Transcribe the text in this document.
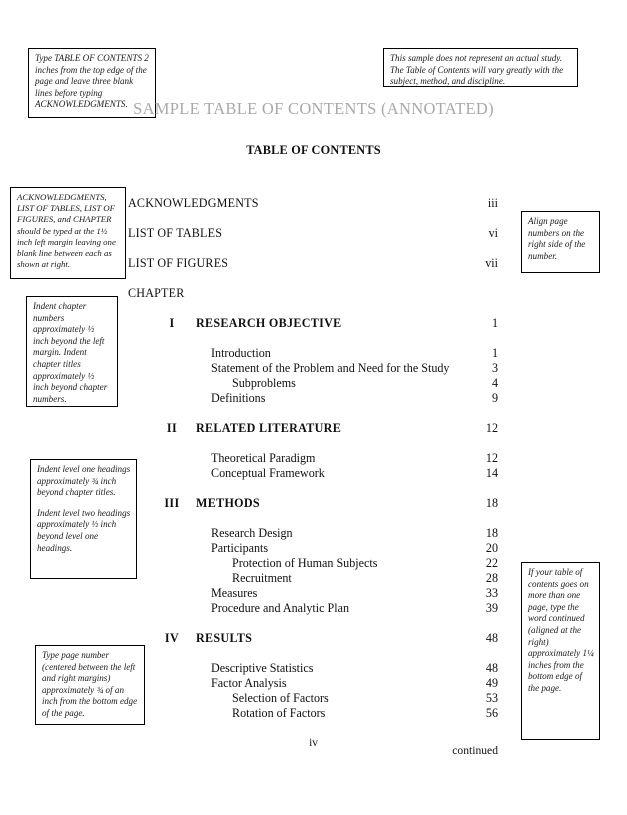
Type TABLE OF CONTENTS 2 inches from the top edge of the page and leave three blank lines before typing ACKNOWLEDGMENTS.
This sample does not represent an actual study. The Table of Contents will vary greatly with the subject, method, and discipline.
ACKNOWLEDGMENTS, LIST OF TABLES, LIST OF FIGURES, and CHAPTER should be typed at the 1½ inch left margin leaving one blank line between each as shown at right.
Indent chapter numbers approximately ½ inch beyond the left margin. Indent chapter titles approximately ½ inch beyond chapter numbers.

Indent level one headings approximately ¾ inch beyond chapter titles.

Indent level two headings approximately ½ inch beyond level one headings.

Type page number (centered between the left and right margins) approximately ¾ of an inch from the bottom edge of the page.
Align page numbers on the right side of the number.
If your table of contents goes on more than one page, type the word continued (aligned at the right) approximately 1¼ inches from the bottom edge of the page.
SAMPLE TABLE OF CONTENTS (ANNOTATED)
TABLE OF CONTENTS
ACKNOWLEDGMENTS	iii
LIST OF TABLES	vi
LIST OF FIGURES	vii
CHAPTER
I	RESEARCH OBJECTIVE	1
Introduction	1
Statement of the Problem and Need for the Study	3
Subproblems	4
Definitions	9
II	RELATED LITERATURE	12
Theoretical Paradigm	12
Conceptual Framework	14
III METHODS	18
Research Design	18
Participants	20
Protection of Human Subjects	22
Recruitment	28
Measures	33
Procedure and Analytic Plan	39
IV	RESULTS	48
Descriptive Statistics	48
Factor Analysis	49
Selection of Factors	53
Rotation of Factors	56
continued
iv
